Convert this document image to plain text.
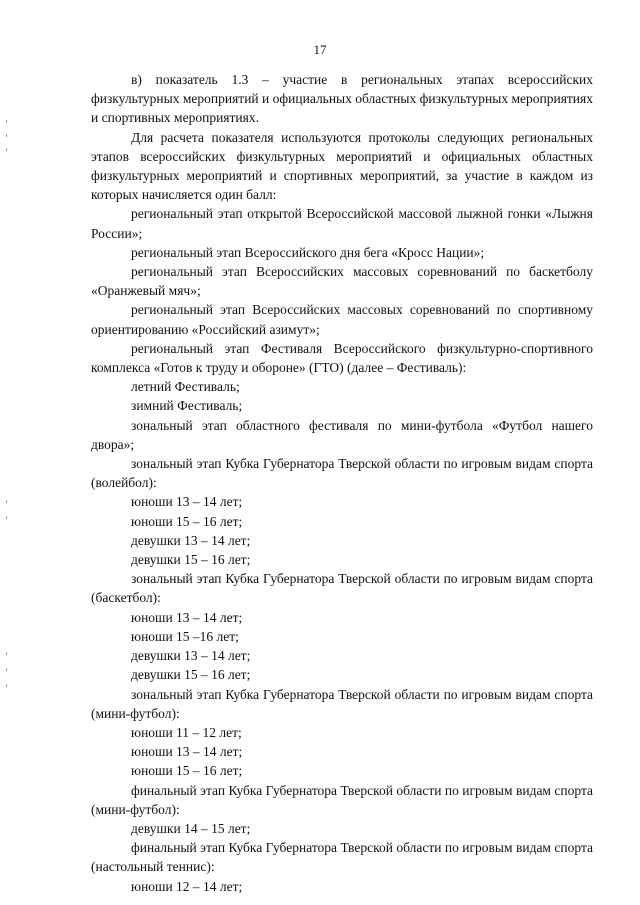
17

в) показатель 1.3 – участие в региональных этапах всероссийских физкультурных мероприятий и официальных областных физкультурных мероприятиях и спортивных мероприятиях.

Для расчета показателя используются протоколы следующих региональных этапов всероссийских физкультурных мероприятий и официальных областных физкультурных мероприятий и спортивных мероприятий, за участие в каждом из которых начисляется один балл:

региональный этап открытой Всероссийской массовой лыжной гонки «Лыжня России»;

региональный этап Всероссийского дня бега «Кросс Нации»;

региональный этап Всероссийских массовых соревнований по баскетболу «Оранжевый мяч»;

региональный этап Всероссийских массовых соревнований по спортивному ориентированию «Российский азимут»;

региональный этап Фестиваля Всероссийского физкультурно-спортивного комплекса «Готов к труду и обороне» (ГТО) (далее – Фестиваль):

летний Фестиваль;

зимний Фестиваль;

зональный этап областного фестиваля по мини-футбола «Футбол нашего двора»;

зональный этап Кубка Губернатора Тверской области по игровым видам спорта (волейбол):

юноши 13 – 14 лет;

юноши 15 – 16 лет;

девушки 13 – 14 лет;

девушки 15 – 16 лет;

зональный этап Кубка Губернатора Тверской области по игровым видам спорта (баскетбол):

юноши 13 – 14 лет;

юноши 15 –16 лет;

девушки 13 – 14 лет;

девушки 15 – 16 лет;

зональный этап Кубка Губернатора Тверской области по игровым видам спорта (мини-футбол):

юноши 11 – 12 лет;

юноши 13 – 14 лет;

юноши 15 – 16 лет;

финальный этап Кубка Губернатора Тверской области по игровым видам спорта (мини-футбол):

девушки 14 – 15 лет;

финальный этап Кубка Губернатора Тверской области по игровым видам спорта (настольный теннис):

юноши 12 – 14 лет;
